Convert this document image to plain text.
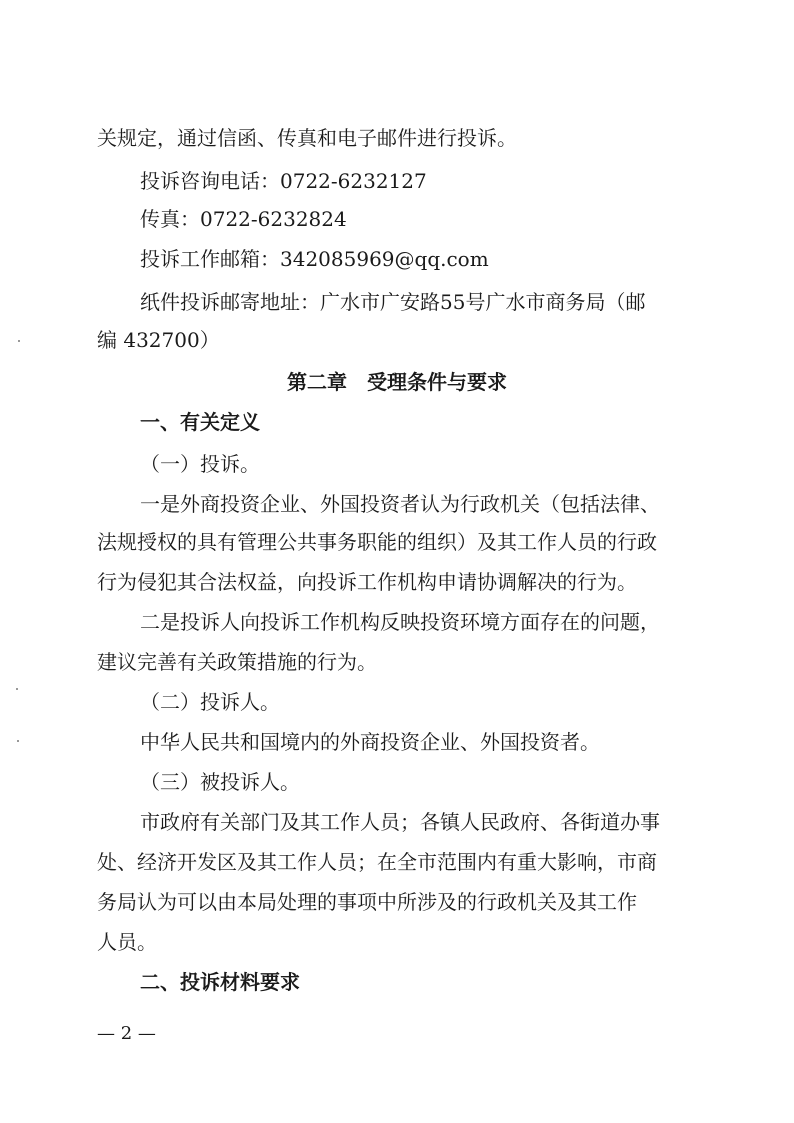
关规定，通过信函、传真和电子邮件进行投诉。
投诉咨询电话：0722-6232127
传真：0722-6232824
投诉工作邮箱：342085969@qq.com
纸件投诉邮寄地址：广水市广安路55号广水市商务局（邮
编 432700）
第二章　受理条件与要求
一、有关定义
（一）投诉。
一是外商投资企业、外国投资者认为行政机关（包括法律、
法规授权的具有管理公共事务职能的组织）及其工作人员的行政
行为侵犯其合法权益，向投诉工作机构申请协调解决的行为。
二是投诉人向投诉工作机构反映投资环境方面存在的问题，
建议完善有关政策措施的行为。
（二）投诉人。
中华人民共和国境内的外商投资企业、外国投资者。
（三）被投诉人。
市政府有关部门及其工作人员；各镇人民政府、各街道办事
处、经济开发区及其工作人员；在全市范围内有重大影响，市商
务局认为可以由本局处理的事项中所涉及的行政机关及其工作
人员。
二、投诉材料要求
— 2 —
